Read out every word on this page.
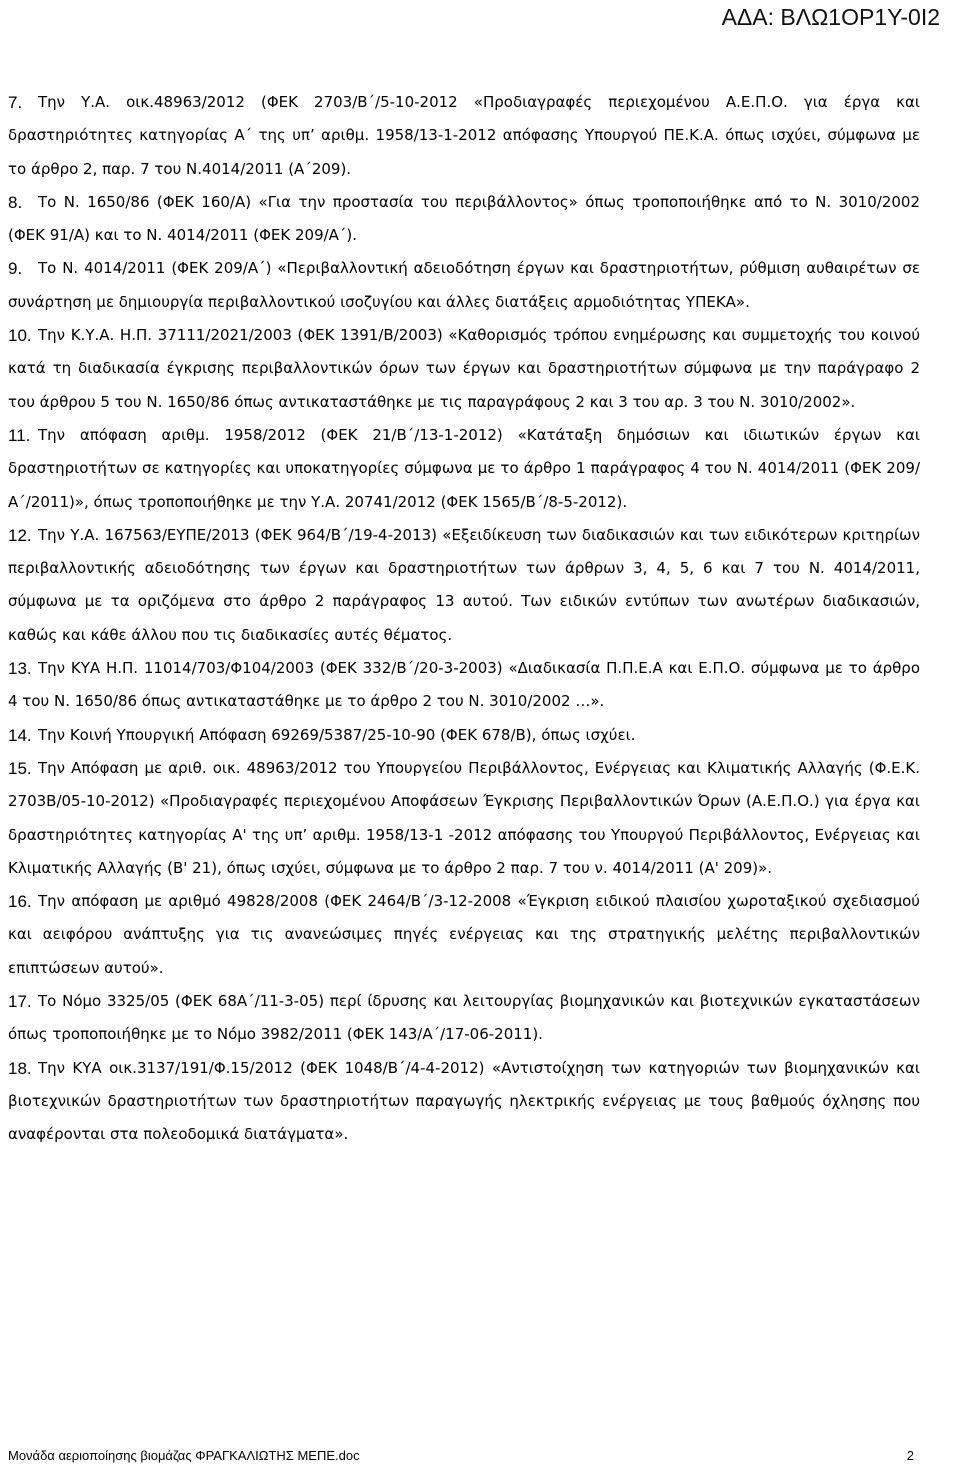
ΑΔΑ: ΒΛΩ1ΟΡ1Υ-0Ι2
7.	Την Υ.Α. οικ.48963/2012 (ΦΕΚ 2703/Β΄/5-10-2012 «Προδιαγραφές περιεχομένου Α.Ε.Π.Ο. για έργα και δραστηριότητες κατηγορίας Α΄ της υπ’ αριθμ. 1958/13-1-2012 απόφασης Υπουργού ΠΕ.Κ.Α. όπως ισχύει, σύμφωνα με το άρθρο 2, παρ. 7 του Ν.4014/2011 (Α΄209).
8.	Το Ν. 1650/86 (ΦΕΚ 160/Α) «Για την προστασία του περιβάλλοντος» όπως τροποποιήθηκε από το Ν. 3010/2002 (ΦΕΚ 91/Α) και το Ν. 4014/2011 (ΦΕΚ 209/Α΄).
9.	Το Ν. 4014/2011 (ΦΕΚ 209/Α΄) «Περιβαλλοντική αδειοδότηση έργων και δραστηριοτήτων, ρύθμιση αυθαιρέτων σε συνάρτηση με δημιουργία περιβαλλοντικού ισοζυγίου και άλλες διατάξεις αρμοδιότητας ΥΠΕΚΑ».
10. Την Κ.Υ.Α. Η.Π. 37111/2021/2003 (ΦΕΚ 1391/Β/2003) «Καθορισμός τρόπου ενημέρωσης και συμμετοχής του κοινού κατά τη διαδικασία έγκρισης περιβαλλοντικών όρων των έργων και δραστηριοτήτων σύμφωνα με την παράγραφο 2 του άρθρου 5 του Ν. 1650/86 όπως αντικαταστάθηκε με τις παραγράφους 2 και 3 του αρ. 3 του Ν. 3010/2002».
11. Την απόφαση αριθμ. 1958/2012 (ΦΕΚ 21/Β΄/13-1-2012) «Κατάταξη δημόσιων και ιδιωτικών έργων και δραστηριοτήτων σε κατηγορίες και υποκατηγορίες σύμφωνα με το άρθρο 1 παράγραφος 4 του Ν. 4014/2011 (ΦΕΚ 209/Α΄/2011)», όπως τροποποιήθηκε με την Υ.Α. 20741/2012 (ΦΕΚ 1565/Β΄/8-5-2012).
12. Την Υ.Α. 167563/ΕΥΠΕ/2013 (ΦΕΚ 964/Β΄/19-4-2013) «Εξειδίκευση των διαδικασιών και των ειδικότερων κριτηρίων περιβαλλοντικής αδειοδότησης των έργων και δραστηριοτήτων των άρθρων 3, 4, 5, 6 και 7 του Ν. 4014/2011, σύμφωνα με τα οριζόμενα στο άρθρο 2 παράγραφος 13 αυτού. Των ειδικών εντύπων των ανωτέρων διαδικασιών, καθώς και κάθε άλλου που τις διαδικασίες αυτές θέματος.
13. Την ΚΥΑ Η.Π. 11014/703/Φ104/2003 (ΦΕΚ 332/Β΄/20-3-2003) «Διαδικασία Π.Π.Ε.Α και Ε.Π.Ο. σύμφωνα με το άρθρο 4 του Ν. 1650/86 όπως αντικαταστάθηκε με το άρθρο 2 του Ν. 3010/2002 …».
14. Την Κοινή Υπουργική Απόφαση 69269/5387/25-10-90 (ΦΕΚ 678/Β), όπως ισχύει.
15. Την Απόφαση με αριθ. οικ. 48963/2012 του Υπουργείου Περιβάλλοντος, Ενέργειας και Κλιματικής Αλλαγής (Φ.Ε.Κ. 2703Β/05-10-2012) «Προδιαγραφές περιεχομένου Αποφάσεων Έγκρισης Περιβαλλοντικών Όρων (Α.Ε.Π.Ο.) για έργα και δραστηριότητες κατηγορίας Α' της υπ’ αριθμ. 1958/13-1 -2012 απόφασης του Υπουργού Περιβάλλοντος, Ενέργειας και Κλιματικής Αλλαγής (Β' 21), όπως ισχύει, σύμφωνα με το άρθρο 2 παρ. 7 του ν. 4014/2011 (Α' 209)».
16. Την απόφαση με αριθμό 49828/2008 (ΦΕΚ 2464/Β΄/3-12-2008 «Έγκριση ειδικού πλαισίου χωροταξικού σχεδιασμού και αειφόρου ανάπτυξης για τις ανανεώσιμες πηγές ενέργειας και της στρατηγικής μελέτης περιβαλλοντικών επιπτώσεων αυτού».
17. Το Νόμο 3325/05 (ΦΕΚ 68Α΄/11-3-05) περί ίδρυσης και λειτουργίας βιομηχανικών και βιοτεχνικών εγκαταστάσεων όπως τροποποιήθηκε με το Νόμο 3982/2011 (ΦΕΚ 143/Α΄/17-06-2011).
18. Την ΚΥΑ οικ.3137/191/Φ.15/2012 (ΦΕΚ 1048/Β΄/4-4-2012) «Αντιστοίχηση των κατηγοριών των βιομηχανικών και βιοτεχνικών δραστηριοτήτων των δραστηριοτήτων παραγωγής ηλεκτρικής ενέργειας με τους βαθμούς όχλησης που αναφέρονται στα πολεοδομικά διατάγματα».
Μονάδα αεριοποίησης βιομάζας ΦΡΑΓΚΑΛΙΩΤΗΣ ΜΕΠΕ.doc	2
